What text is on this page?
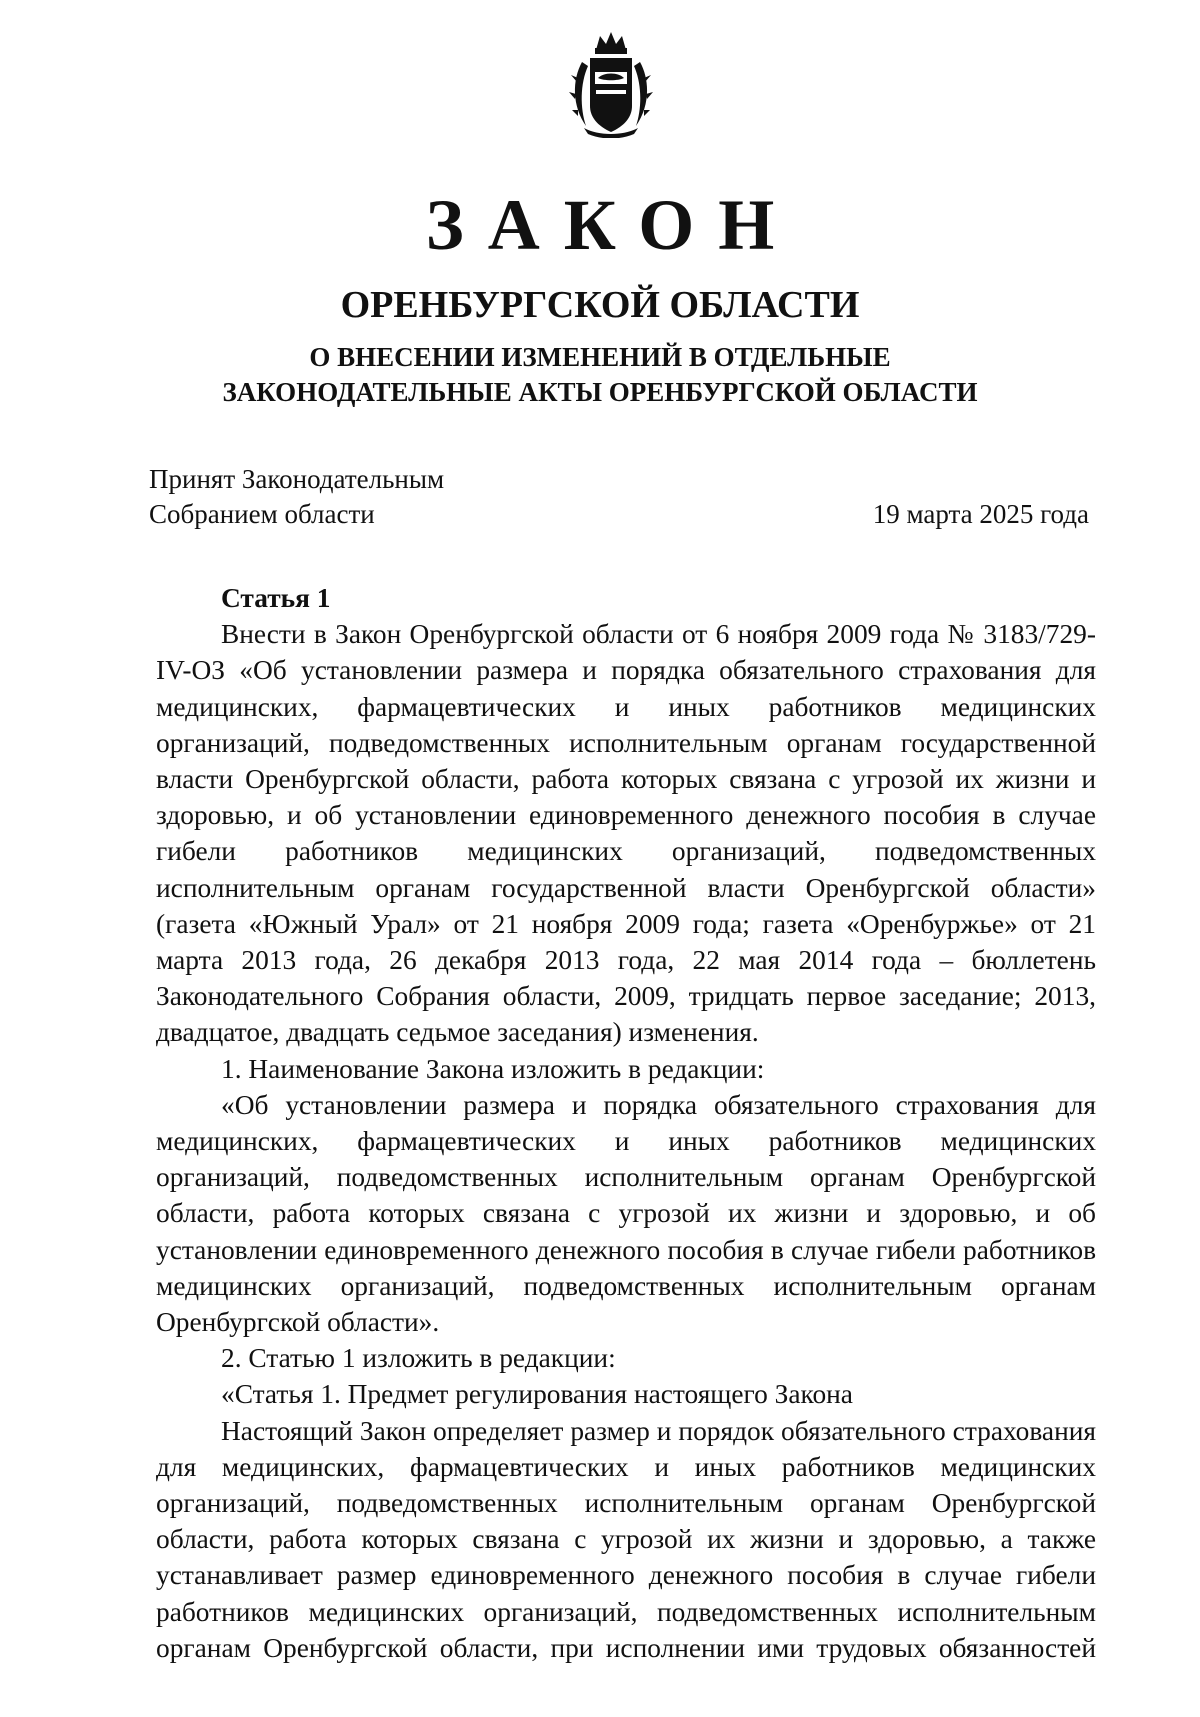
ЗАКОН
ОРЕНБУРГСКОЙ ОБЛАСТИ
О ВНЕСЕНИИ ИЗМЕНЕНИЙ В ОТДЕЛЬНЫЕ
ЗАКОНОДАТЕЛЬНЫЕ АКТЫ ОРЕНБУРГСКОЙ ОБЛАСТИ
Принят Законодательным
Собранием области	19 марта 2025 года

Статья 1

Внести в Закон Оренбургской области от 6 ноября 2009 года № 3183/729-IV-ОЗ «Об установлении размера и порядка обязательного страхования для медицинских, фармацевтических и иных работников медицинских организаций, подведомственных исполнительным органам государственной власти Оренбургской области, работа которых связана с угрозой их жизни и здоровью, и об установлении единовременного денежного пособия в случае гибели работников медицинских организаций, подведомственных исполнительным органам государственной власти Оренбургской области» (газета «Южный Урал» от 21 ноября 2009 года; газета «Оренбуржье» от 21 марта 2013 года, 26 декабря 2013 года, 22 мая 2014 года – бюллетень Законодательного Собрания области, 2009, тридцать первое заседание; 2013, двадцатое, двадцать седьмое заседания) изменения.

1. Наименование Закона изложить в редакции:

«Об установлении размера и порядка обязательного страхования для медицинских, фармацевтических и иных работников медицинских организаций, подведомственных исполнительным органам Оренбургской области, работа которых связана с угрозой их жизни и здоровью, и об установлении единовременного денежного пособия в случае гибели работников медицинских организаций, подведомственных исполнительным органам Оренбургской области».

2. Статью 1 изложить в редакции:

«Статья 1. Предмет регулирования настоящего Закона

Настоящий Закон определяет размер и порядок обязательного страхования для медицинских, фармацевтических и иных работников медицинских организаций, подведомственных исполнительным органам Оренбургской области, работа которых связана с угрозой их жизни и здоровью, а также устанавливает размер единовременного денежного пособия в случае гибели работников медицинских организаций, подведомственных исполнительным органам Оренбургской области, при исполнении ими трудовых обязанностей
